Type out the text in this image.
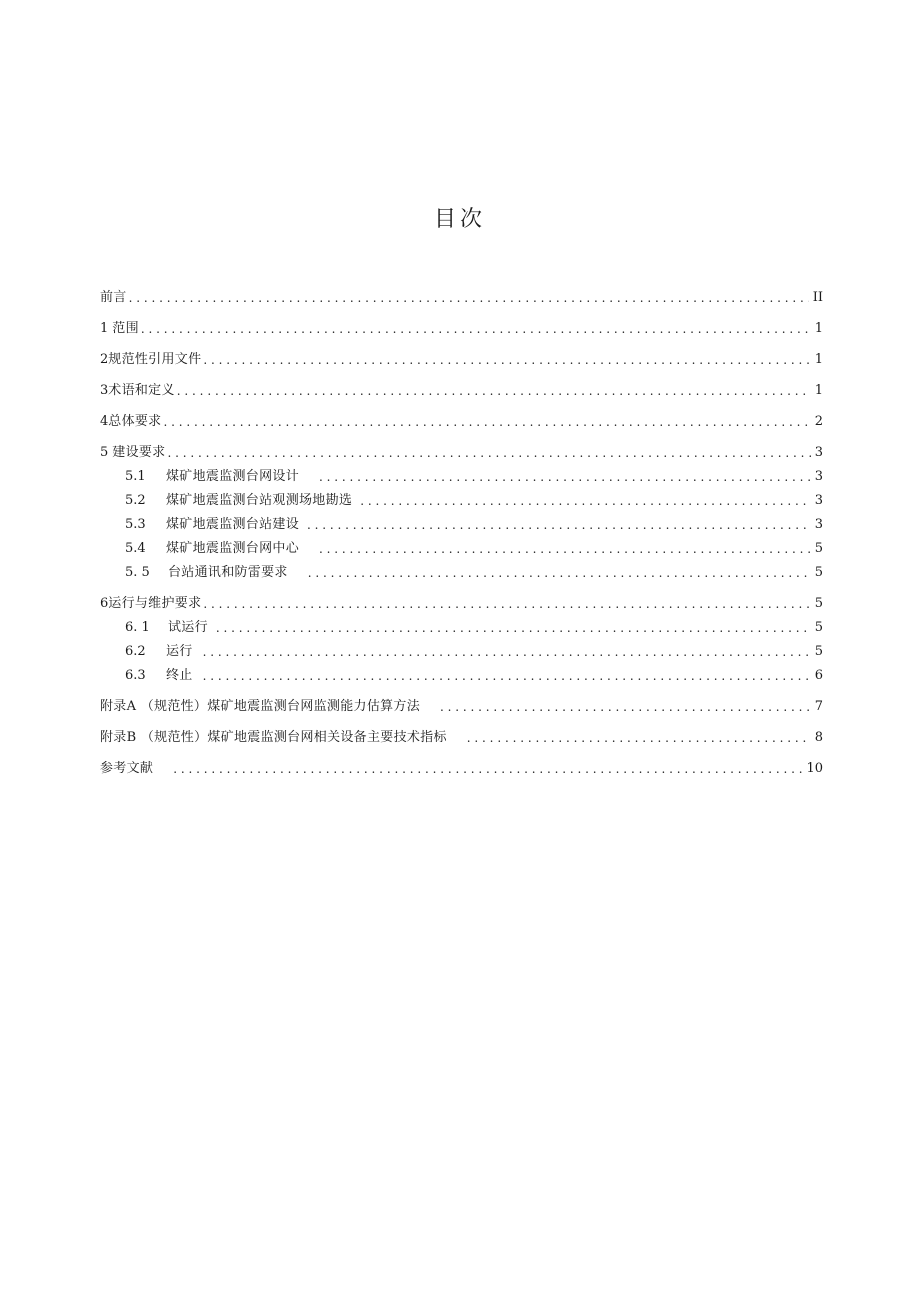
目次
前言 . . .	II
1 范围 . . .	1
2 规范性引用文件 . . .	1
3 术语和定义 . . .	1
4 总体要求 . . .	2
5 建设要求 . . .	3
5.1	煤矿地震监测台网设计 . . .	3
5.2	煤矿地震监测台站观测场地勘选 . . .	3
5.3	煤矿地震监测台站建设 . . .	3
5.4	煤矿地震监测台网中心 . . .	5
5. 5	台站通讯和防雷要求 . . .	5
6 运行与维护要求 . . .	5
6. 1	试运行 . . .	5
6.2	运行 . . .	5
6.3	终止 . . .	6
附录A （规范性）煤矿地震监测台网监测能力估算方法 . . .	7
附录B （规范性）煤矿地震监测台网相关设备主要技术指标 . . .	8
参考文献 . . .	10
